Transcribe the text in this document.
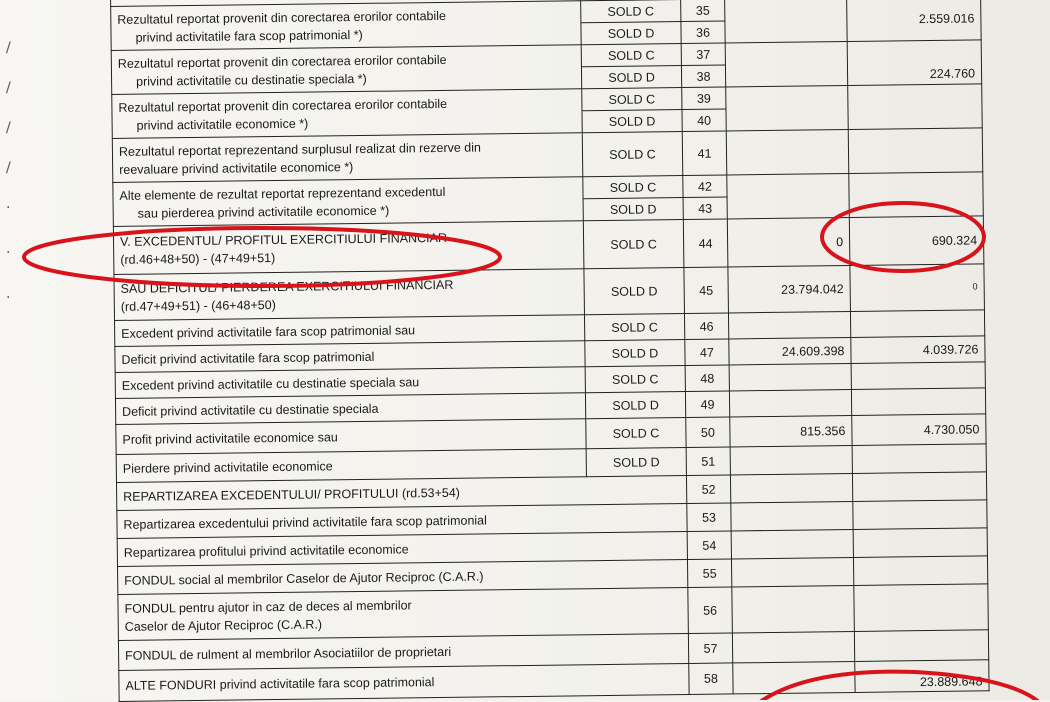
/
/
/
/
·
·
·

Rezultatul reportat provenit din corectarea erorilor contabile
privind activitatile fara scop patrimonial *)	SOLD C	35		2.559.016
	SOLD D	36		
Rezultatul reportat provenit din corectarea erorilor contabile
privind activitatile cu destinatie speciala *)	SOLD C	37		224.760
	SOLD D	38		
Rezultatul reportat provenit din corectarea erorilor contabile
privind activitatile economice *)	SOLD C	39		
	SOLD D	40		
Rezultatul reportat reprezentand surplusul realizat din rezerve din
reevaluare privind activitatile economice *)	SOLD C	41		
Alte elemente de rezultat reportat reprezentand excedentul
sau pierderea privind activitatile economice *)	SOLD C	42		
	SOLD D	43		
V. EXCEDENTUL/ PROFITUL EXERCITIULUI FINANCIAR
(rd.46+48+50) - (47+49+51)	SOLD C	44	0	690.324
SAU DEFICITUL/ PIERDEREA EXERCITIULUI FINANCIAR
(rd.47+49+51) - (46+48+50)	SOLD D	45	23.794.042	0
Excedent privind activitatile fara scop patrimonial sau	SOLD C	46		
Deficit privind activitatile fara scop patrimonial	SOLD D	47	24.609.398	4.039.726
Excedent privind activitatile cu destinatie speciala sau	SOLD C	48		
Deficit privind activitatile cu destinatie speciala	SOLD D	49		
Profit privind activitatile economice sau	SOLD C	50	815.356	4.730.050
Pierdere privind activitatile economice	SOLD D	51		
REPARTIZAREA EXCEDENTULUI/ PROFITULUI (rd.53+54)		52		
Repartizarea excedentului privind activitatile fara scop patrimonial		53		
Repartizarea profitului privind activitatile economice		54		
FONDUL social al membrilor Caselor de Ajutor Reciproc (C.A.R.)		55		
FONDUL pentru ajutor in caz de deces al membrilor
Caselor de Ajutor Reciproc (C.A.R.)		56		
FONDUL de rulment al membrilor Asociatiilor de proprietari		57		
ALTE FONDURI privind activitatile fara scop patrimonial		58		23.889.648
